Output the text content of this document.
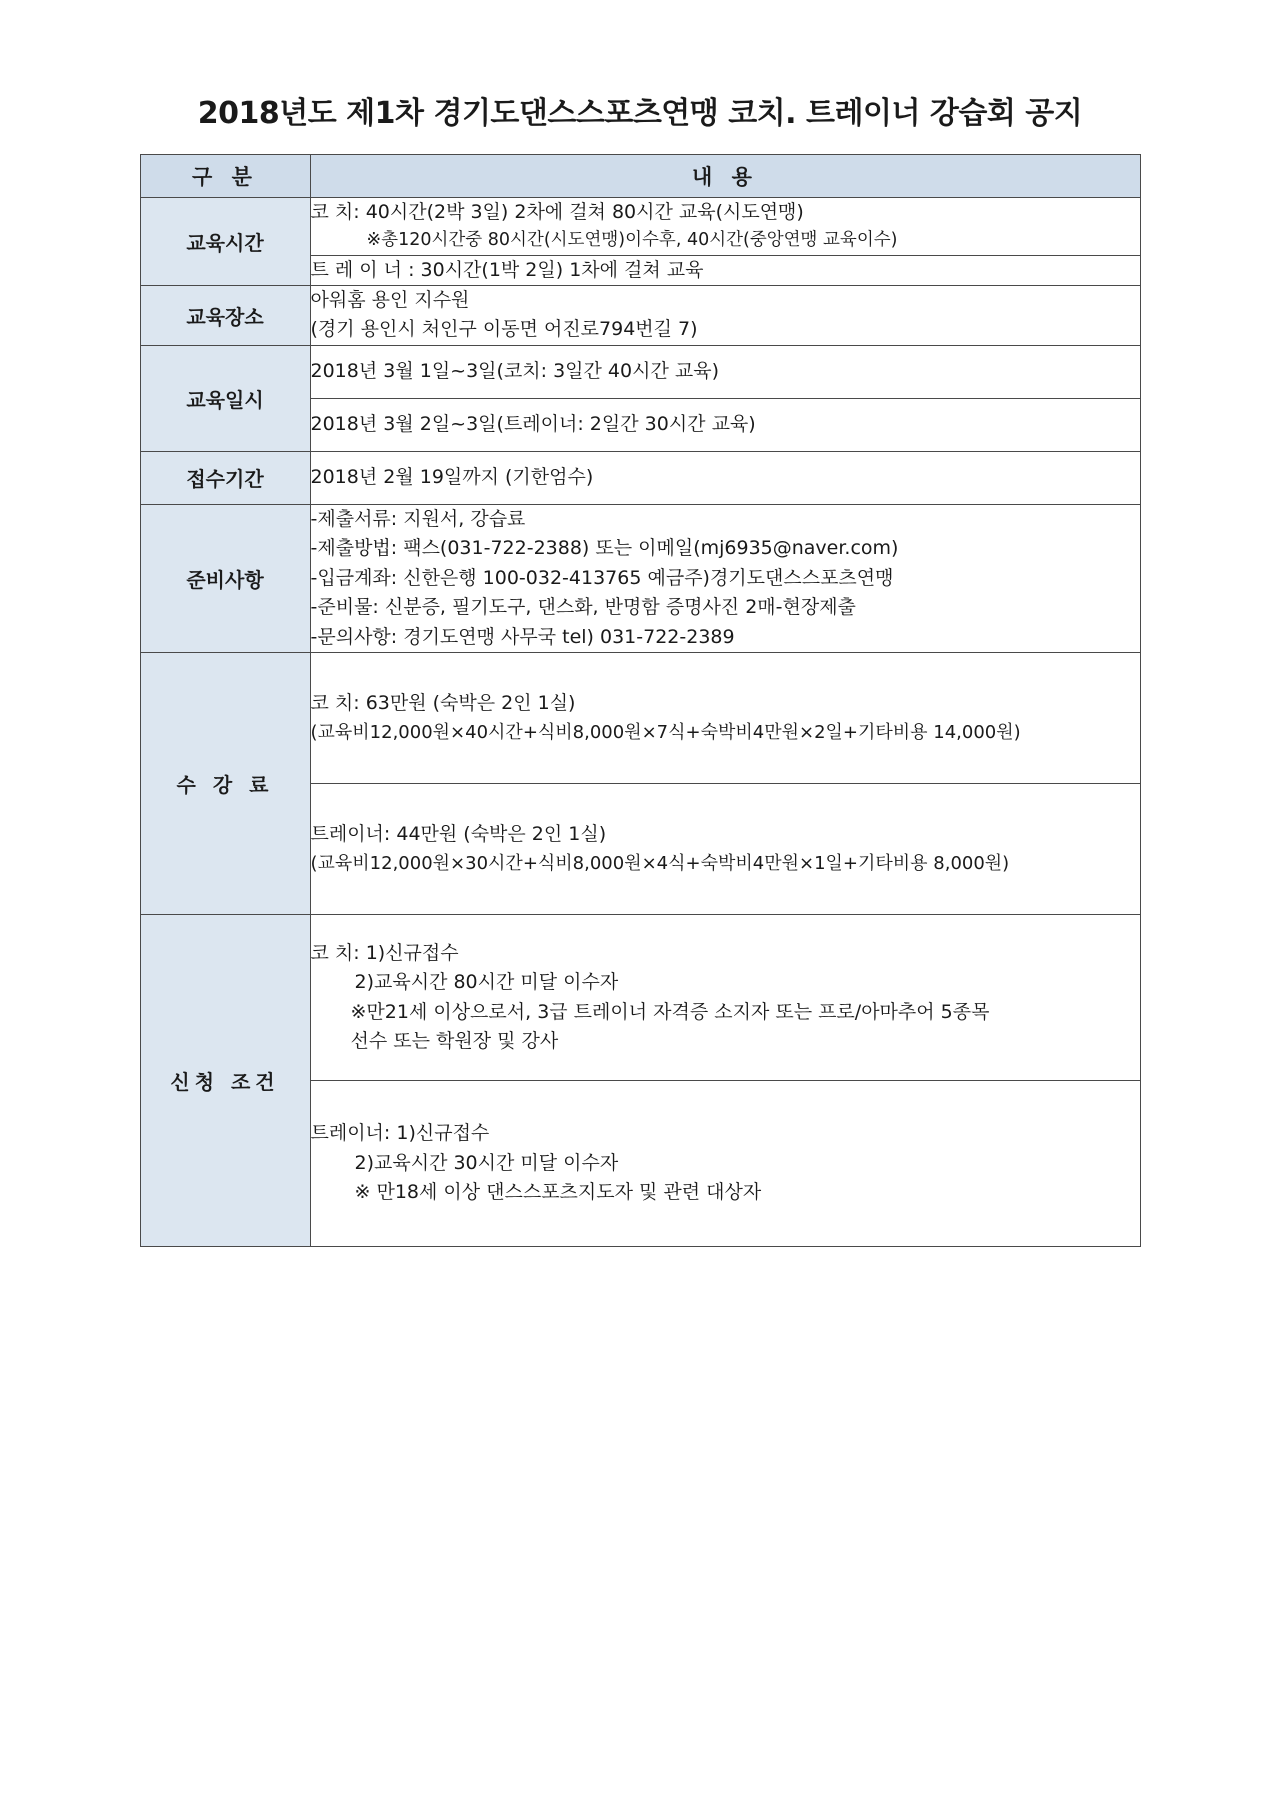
2018년도 제1차 경기도댄스스포츠연맹 코치. 트레이너 강습회 공지
구 분	내 용
교육시간	코 치: 40시간(2박 3일) 2차에 걸쳐 80시간 교육(시도연맹)
※총120시간중 80시간(시도연맹)이수후, 40시간(중앙연맹 교육이수)

	트 레 이 너 : 30시간(1박 2일) 1차에 걸쳐 교육

교육장소	아워홈 용인 지수원
(경기 용인시 처인구 이동면 어진로794번길 7)

교육일시	2018년 3월 1일~3일(코치: 3일간 40시간 교육)

	2018년 3월 2일~3일(트레이너: 2일간 30시간 교육)

접수기간	2018년 2월 19일까지 (기한엄수)

준비사항	-제출서류: 지원서, 강습료
-제출방법: 팩스(031-722-2388) 또는 이메일(mj6935@naver.com)
-입금계좌: 신한은행 100-032-413765 예금주)경기도댄스스포츠연맹
-준비물: 신분증, 필기도구, 댄스화, 반명함 증명사진 2매-현장제출
-문의사항: 경기도연맹 사무국 tel) 031-722-2389

수 강 료	코 치: 63만원 (숙박은 2인 1실)
(교육비12,000원×40시간+식비8,000원×7식+숙박비4만원×2일+기타비용 14,000원)

	트레이너: 44만원 (숙박은 2인 1실)
(교육비12,000원×30시간+식비8,000원×4식+숙박비4만원×1일+기타비용 8,000원)

신청 조건	코 치: 1)신규접수
2)교육시간 80시간 미달 이수자
※만21세 이상으로서, 3급 트레이너 자격증 소지자 또는 프로/아마추어 5종목
선수 또는 학원장 및 강사

	트레이너: 1)신규접수
2)교육시간 30시간 미달 이수자
※ 만18세 이상 댄스스포츠지도자 및 관련 대상자
